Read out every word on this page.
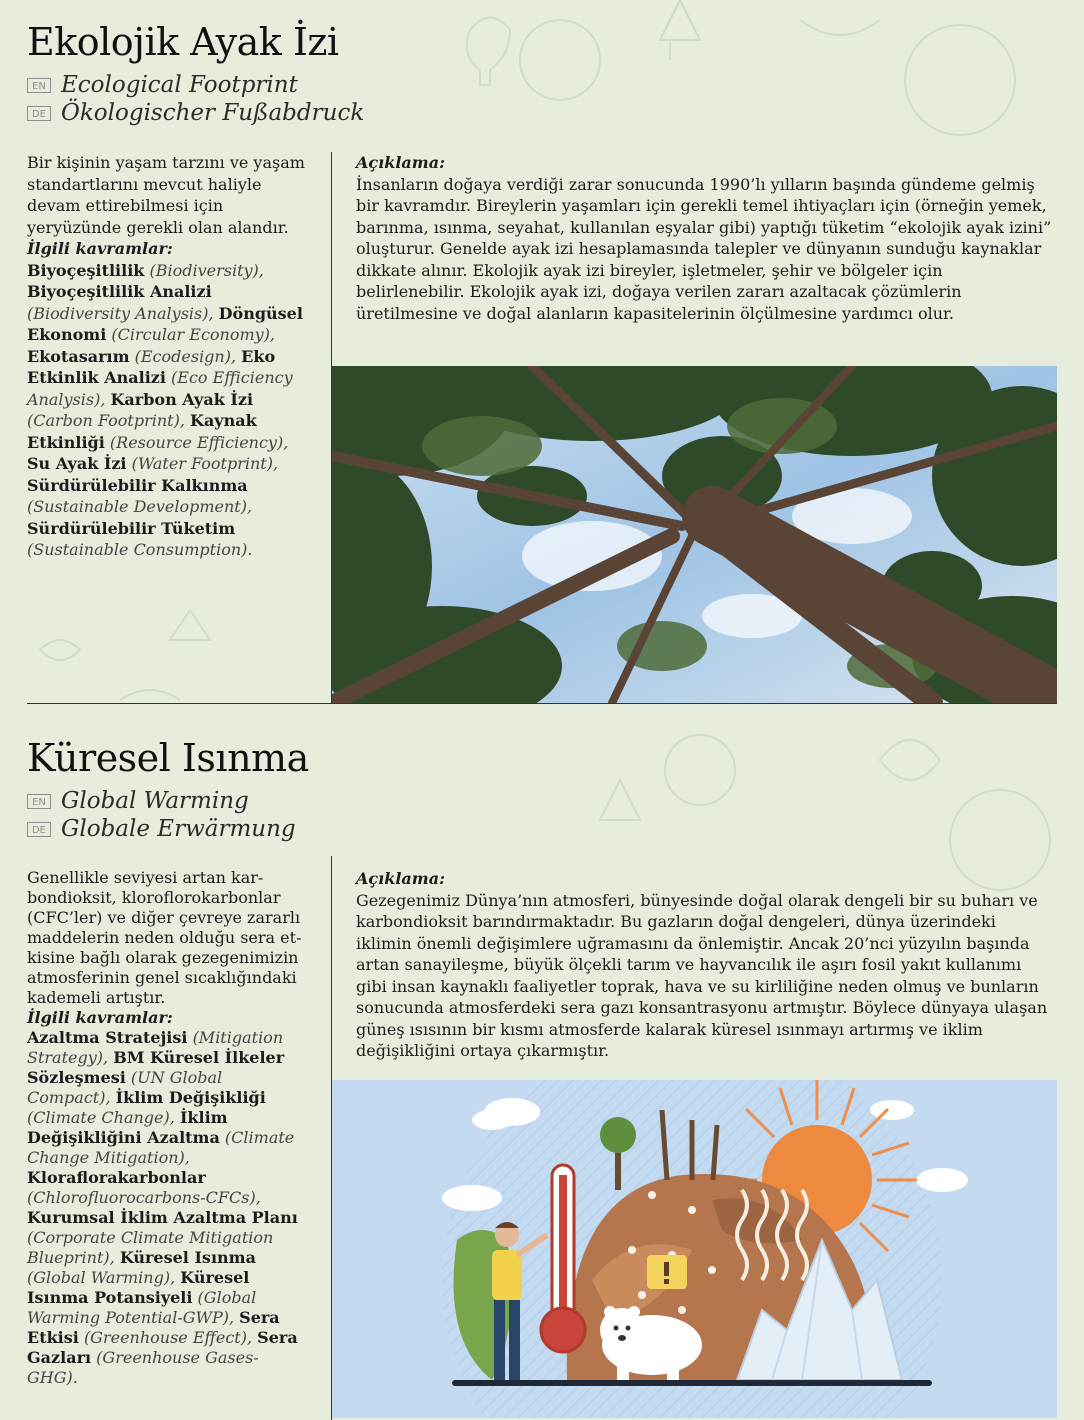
Ekolojik Ayak İzi
EN Ecological Footprint
DE Ökologischer Fußabdruck

Bir kişinin yaşam tarzını ve yaşam standartlarını mevcut haliyle devam ettirebilmesi için yeryüzünde gerekli olan alandır.

İlgili kavramlar:

Biyoçeşitlilik (Biodiversity), Biyoçeşitlilik Analizi (Biodiversity Analysis), Döngüsel Ekonomi (Circular Economy), Ekotasarım (Ecodesign), Eko Etkinlik Analizi (Eco Efficiency Analysis), Karbon Ayak İzi (Carbon Footprint), Kaynak Etkinliği (Resource Efficiency), Su Ayak İzi (Water Footprint), Sürdürülebilir Kalkınma (Sustainable Development), Sürdürülebilir Tüketim (Sustainable Consumption).

Açıklama:

İnsanların doğaya verdiği zarar sonucunda 1990’lı yılların başında gündeme gelmiş bir kavramdır. Bireylerin yaşamları için gerekli temel ihtiyaçları için (örneğin yemek, barınma, ısınma, seyahat, kullanılan eşyalar gibi) yaptığı tüketim “ekolojik ayak izini” oluşturur. Genelde ayak izi hesaplamasında talepler ve dünyanın sunduğu kaynaklar dikkate alınır. Ekolojik ayak izi bireyler, işletmeler, şehir ve bölgeler için belirlenebilir. Ekolojik ayak izi, doğaya verilen zararı azaltacak çözümlerin üretilmesine ve doğal alanların kapasitelerinin ölçülmesine yardımcı olur.

Küresel Isınma
EN Global Warming
DE Globale Erwärmung

Genellikle seviyesi artan kar-bondioksit, kloroflorokarbonlar (CFC’ler) ve diğer çevreye zararlı maddelerin neden olduğu sera et-kisine bağlı olarak gezegenimizin atmosferinin genel sıcaklığındaki kademeli artıştır.

İlgili kavramlar:

Azaltma Stratejisi (Mitigation Strategy), BM Küresel İlkeler Sözleşmesi (UN Global Compact), İklim Değişikliği (Climate Change), İklim Değişikliğini Azaltma (Climate Change Mitigation), Kloraflorakarbonlar (Chlorofluorocarbons-CFCs), Kurumsal İklim Azaltma Planı (Corporate Climate Mitigation Blueprint), Küresel Isınma (Global Warming), Küresel Isınma Potansiyeli (Global Warming Potential-GWP), Sera Etkisi (Greenhouse Effect), Sera Gazları (Greenhouse Gases-GHG).

Açıklama:

Gezegenimiz Dünya’nın atmosferi, bünyesinde doğal olarak dengeli bir su buharı ve karbondioksit barındırmaktadır. Bu gazların doğal dengeleri, dünya üzerindeki iklimin önemli değişimlere uğramasını da önlemiştir. Ancak 20’nci yüzyılın başında artan sanayileşme, büyük ölçekli tarım ve hayvancılık ile aşırı fosil yakıt kullanımı gibi insan kaynaklı faaliyetler toprak, hava ve su kirliliğine neden olmuş ve bunların sonucunda atmosferdeki sera gazı konsantrasyonu artmıştır. Böylece dünyaya ulaşan güneş ısısının bir kısmı atmosferde kalarak küresel ısınmayı artırmış ve iklim değişikliğini ortaya çıkarmıştır.
